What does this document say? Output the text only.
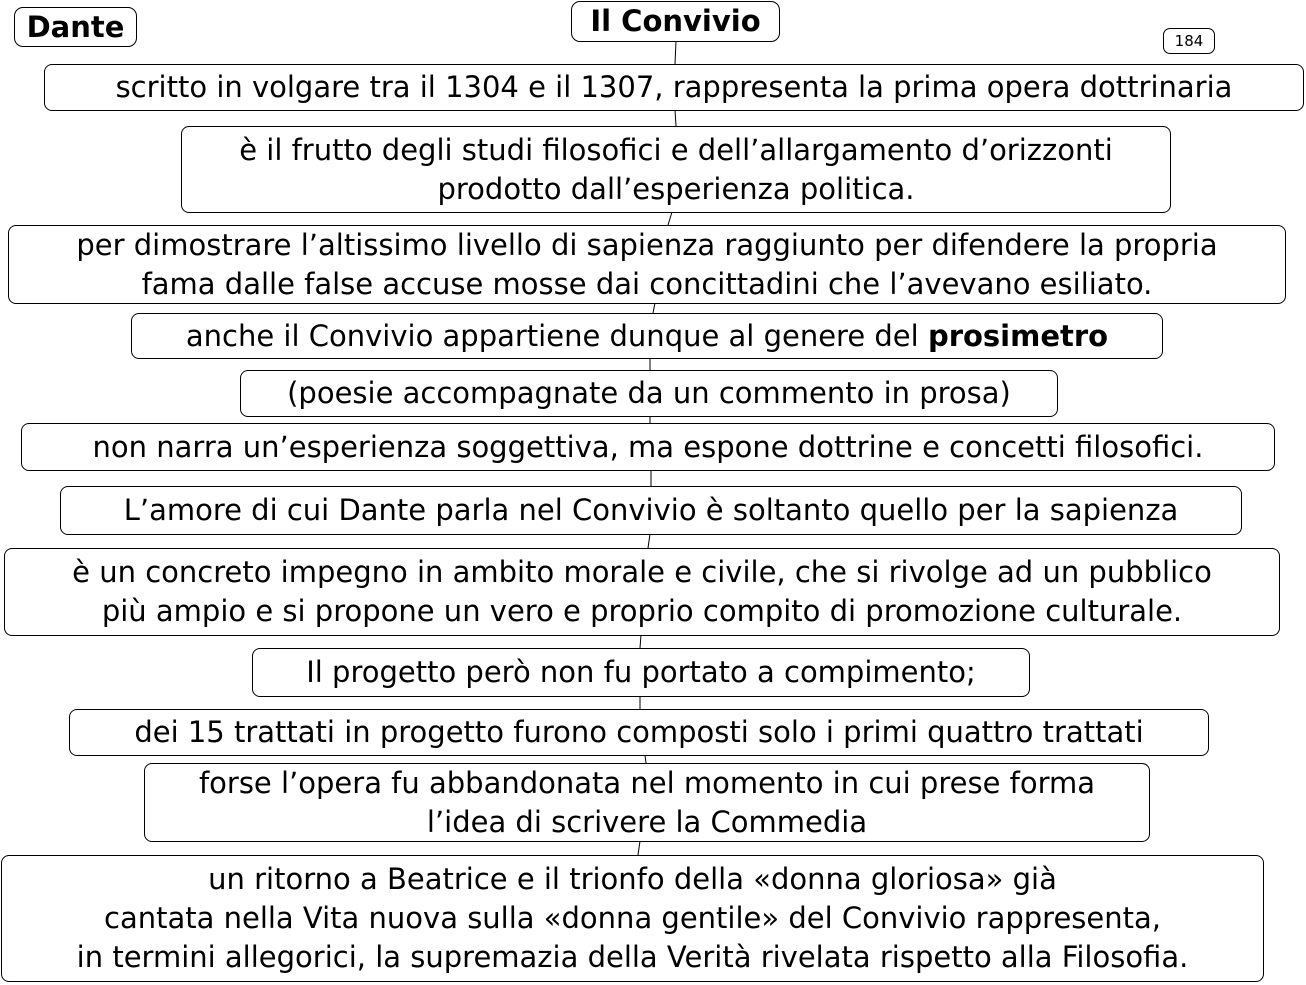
Dante	Il Convivio
184
scritto in volgare tra il 1304 e il 1307, rappresenta la prima opera dottrinaria
è il frutto degli studi filosofici e dell’allargamento d’orizzonti
prodotto dall’esperienza politica.
per dimostrare l’altissimo livello di sapienza raggiunto per difendere la propria
fama dalle false accuse mosse dai concittadini che l’avevano esiliato.
anche il Convivio appartiene dunque al genere del prosimetro
(poesie accompagnate da un commento in prosa)
non narra un’esperienza soggettiva, ma espone dottrine e concetti filosofici.
L’amore di cui Dante parla nel Convivio è soltanto quello per la sapienza
è un concreto impegno in ambito morale e civile, che si rivolge ad un pubblico
più ampio e si propone un vero e proprio compito di promozione culturale.
Il progetto però non fu portato a compimento;
dei 15 trattati in progetto furono composti solo i primi quattro trattati
forse l’opera fu abbandonata nel momento in cui prese forma
l’idea di scrivere la Commedia
un ritorno a Beatrice e il trionfo della «donna gloriosa» già
cantata nella Vita nuova sulla «donna gentile» del Convivio rappresenta,
in termini allegorici, la supremazia della Verità rivelata rispetto alla Filosofia.
